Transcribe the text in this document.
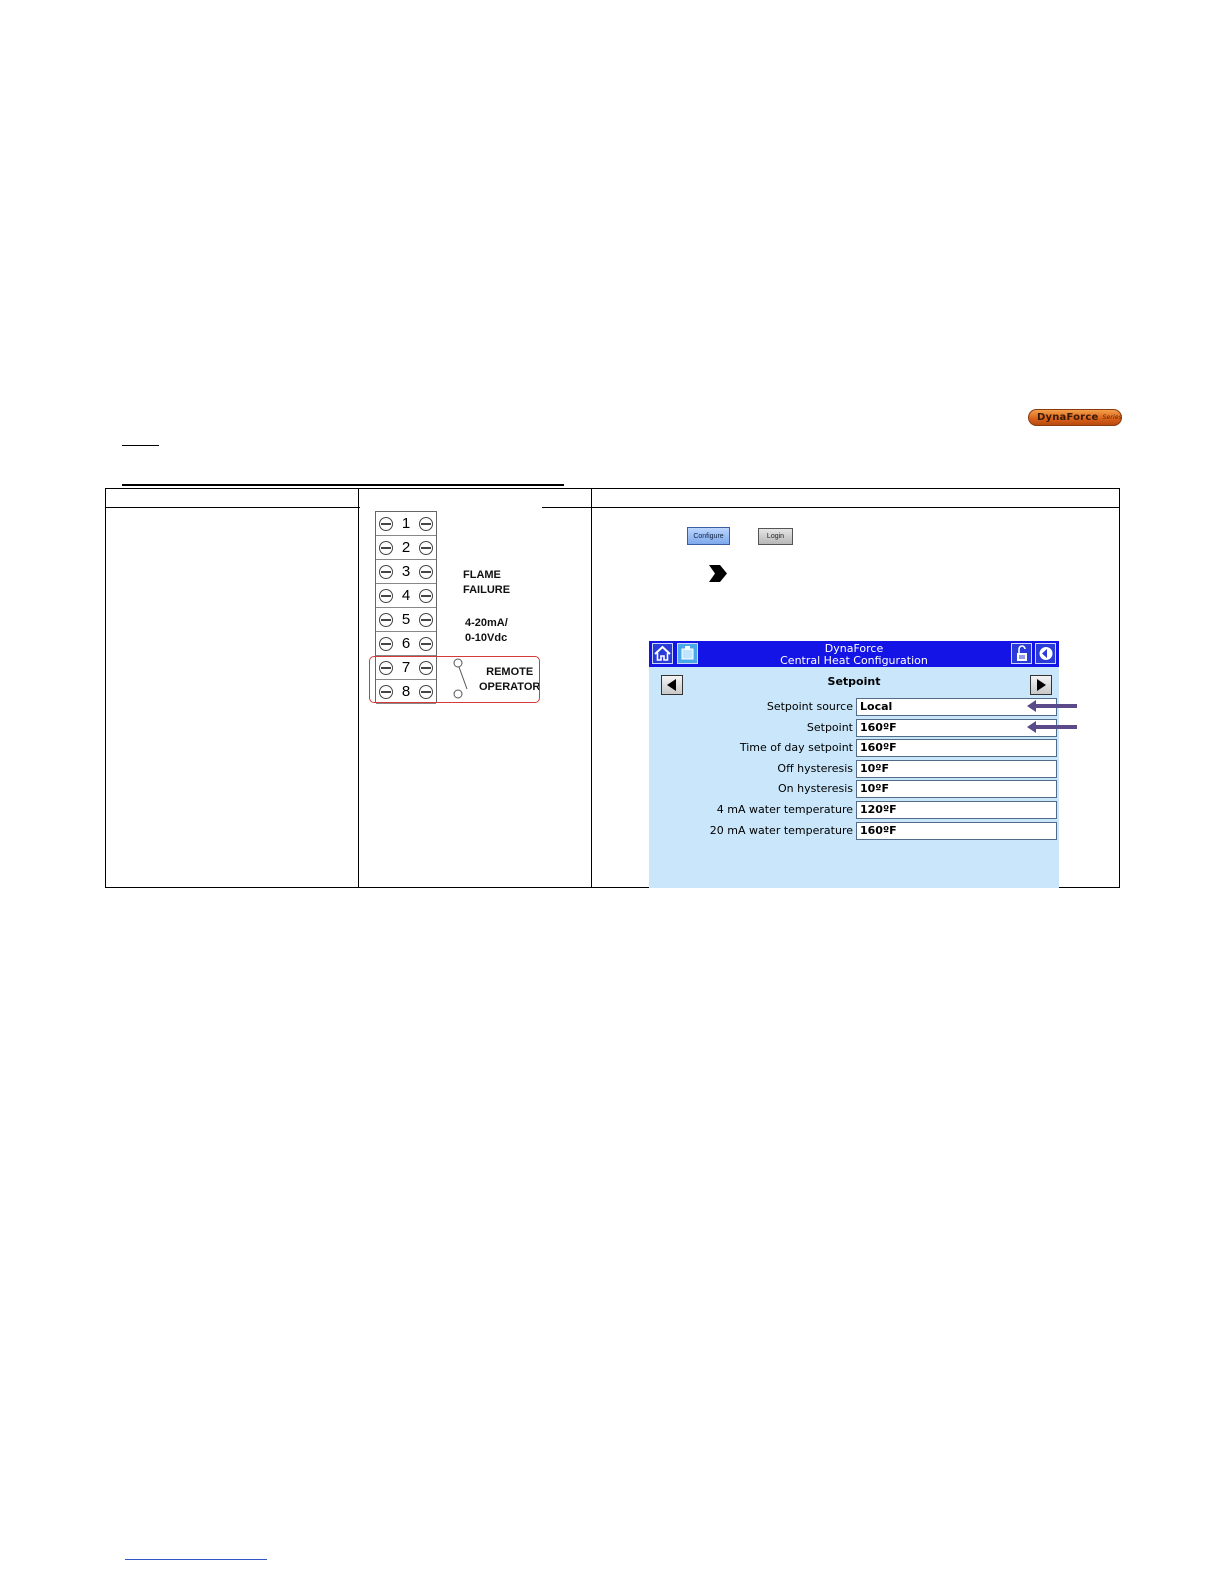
DynaForce Series
1
2
3
4
5
6
7
8
FLAME
FAILURE
4-20mA/
0-10Vdc
REMOTE
OPERATOR
Configure	Login
DynaForce
Central Heat Configuration
Setpoint
Setpoint source Local
Setpoint 160ºF
Time of day setpoint 160ºF
Off hysteresis 10ºF
On hysteresis 10ºF
4 mA water temperature 120ºF
20 mA water temperature 160ºF
